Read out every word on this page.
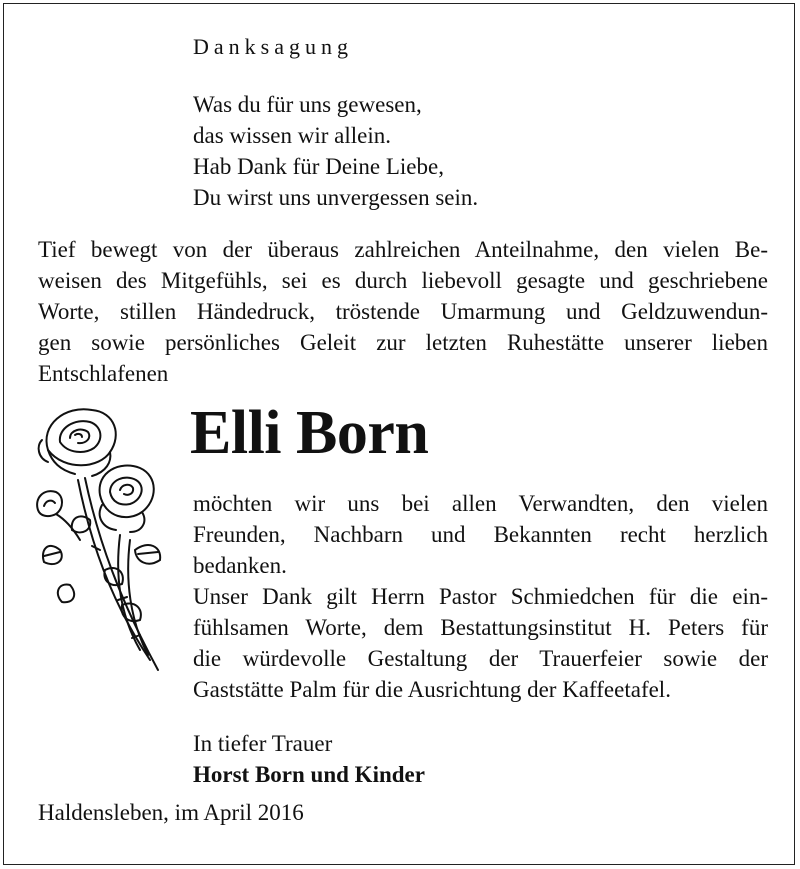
Danksagung
Was du für uns gewesen,
das wissen wir allein.
Hab Dank für Deine Liebe,
Du wirst uns unvergessen sein.
Tief bewegt von der überaus zahlreichen Anteilnahme, den vielen Be-
weisen des Mitgefühls, sei es durch liebevoll gesagte und geschriebene
Worte, stillen Händedruck, tröstende Umarmung und Geldzuwendun-
gen sowie persönliches Geleit zur letzten Ruhestätte unserer lieben
Entschlafenen
Elli Born
möchten wir uns bei allen Verwandten, den vielen
Freunden, Nachbarn und Bekannten recht herzlich
bedanken.
Unser Dank gilt Herrn Pastor Schmiedchen für die ein-
fühlsamen Worte, dem Bestattungsinstitut H. Peters für
die würdevolle Gestaltung der Trauerfeier sowie der
Gaststätte Palm für die Ausrichtung der Kaffeetafel.
In tiefer Trauer
Horst Born und Kinder
Haldensleben, im April 2016
